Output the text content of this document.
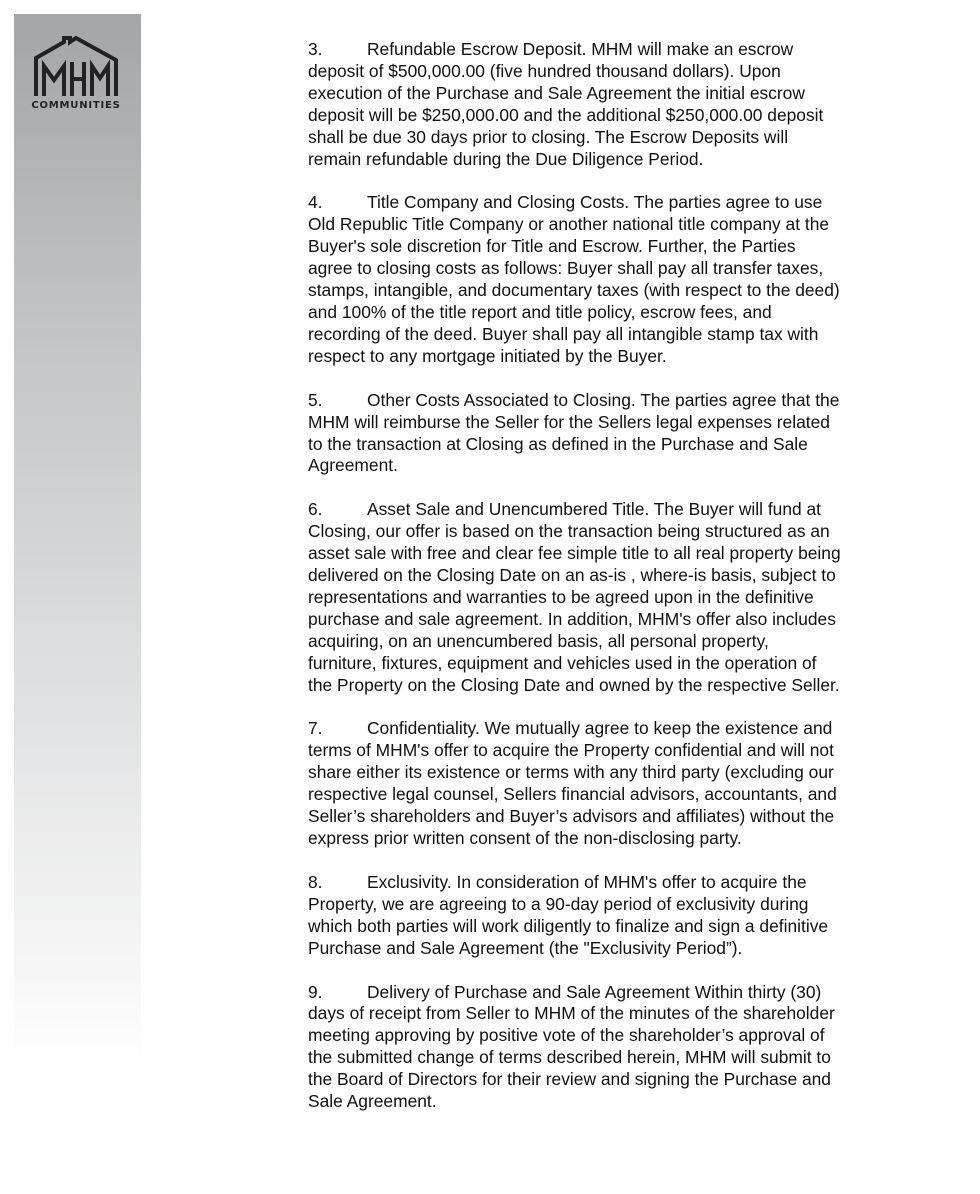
COMMUNITIES

3.	Refundable Escrow Deposit. MHM will make an escrow
deposit of $500,000.00 (five hundred thousand dollars). Upon
execution of the Purchase and Sale Agreement the initial escrow
deposit will be $250,000.00 and the additional $250,000.00 deposit
shall be due 30 days prior to closing. The Escrow Deposits will
remain refundable during the Due Diligence Period.

4.	Title Company and Closing Costs. The parties agree to use
Old Republic Title Company or another national title company at the
Buyer's sole discretion for Title and Escrow. Further, the Parties
agree to closing costs as follows: Buyer shall pay all transfer taxes,
stamps, intangible, and documentary taxes (with respect to the deed)
and 100% of the title report and title policy, escrow fees, and
recording of the deed. Buyer shall pay all intangible stamp tax with
respect to any mortgage initiated by the Buyer.

5.	Other Costs Associated to Closing. The parties agree that the
MHM will reimburse the Seller for the Sellers legal expenses related
to the transaction at Closing as defined in the Purchase and Sale
Agreement.

6.	Asset Sale and Unencumbered Title. The Buyer will fund at
Closing, our offer is based on the transaction being structured as an
asset sale with free and clear fee simple title to all real property being
delivered on the Closing Date on an as-is , where-is basis, subject to
representations and warranties to be agreed upon in the definitive
purchase and sale agreement. In addition, MHM's offer also includes
acquiring, on an unencumbered basis, all personal property,
furniture, fixtures, equipment and vehicles used in the operation of
the Property on the Closing Date and owned by the respective Seller.

7.	Confidentiality. We mutually agree to keep the existence and
terms of MHM's offer to acquire the Property confidential and will not
share either its existence or terms with any third party (excluding our
respective legal counsel, Sellers financial advisors, accountants, and
Seller’s shareholders and Buyer’s advisors and affiliates) without the
express prior written consent of the non-disclosing party.

8.	Exclusivity. In consideration of MHM's offer to acquire the
Property, we are agreeing to a 90-day period of exclusivity during
which both parties will work diligently to finalize and sign a definitive
Purchase and Sale Agreement (the "Exclusivity Period”).

9.	Delivery of Purchase and Sale Agreement Within thirty (30)
days of receipt from Seller to MHM of the minutes of the shareholder
meeting approving by positive vote of the shareholder’s approval of
the submitted change of terms described herein, MHM will submit to
the Board of Directors for their review and signing the Purchase and
Sale Agreement.
